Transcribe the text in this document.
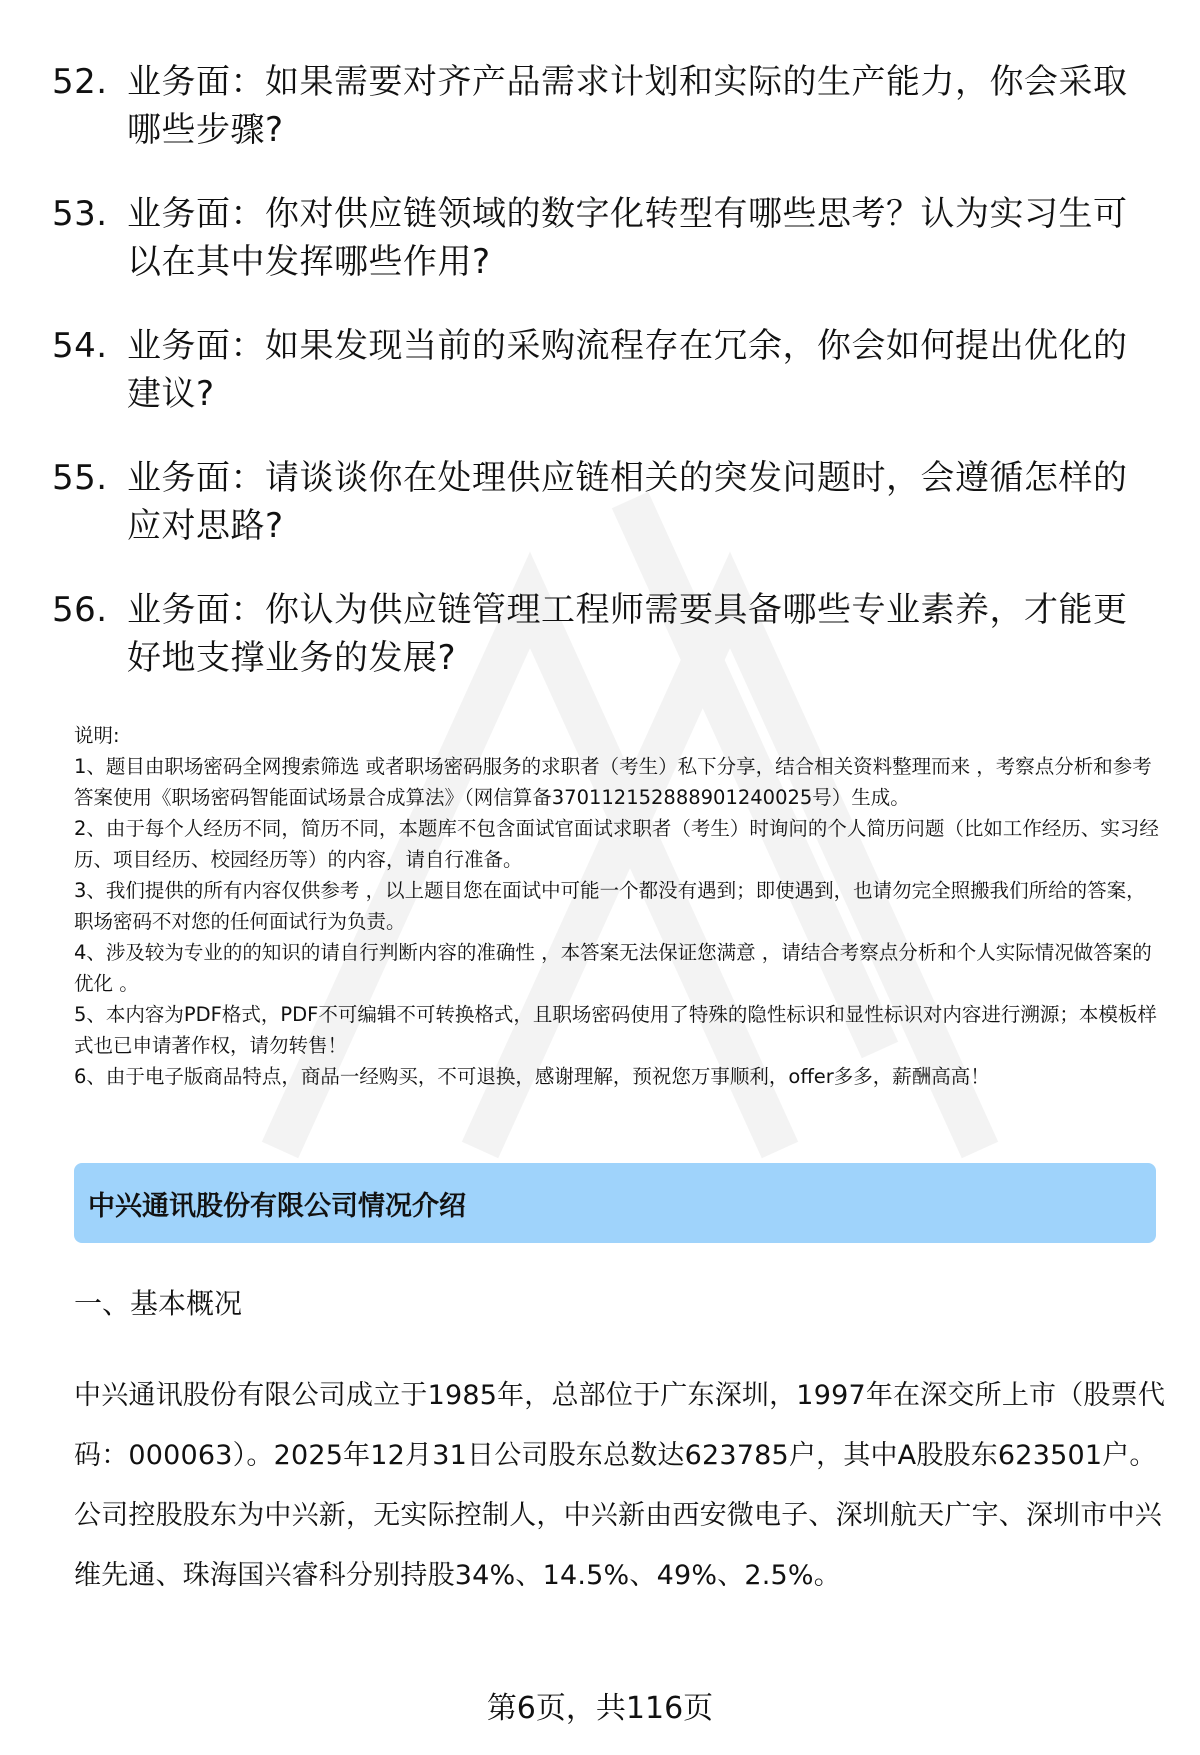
52. 业务面：如果需要对齐产品需求计划和实际的生产能力，你会采取哪些步骤?
53. 业务面：你对供应链领域的数字化转型有哪些思考？认为实习生可以在其中发挥哪些作用?
54. 业务面：如果发现当前的采购流程存在冗余，你会如何提出优化的建议?
55. 业务面：请谈谈你在处理供应链相关的突发问题时，会遵循怎样的应对思路?
56. 业务面：你认为供应链管理工程师需要具备哪些专业素养，才能更好地支撑业务的发展?

说明:

1、题目由职场密码全网搜索筛选 或者职场密码服务的求职者（考生）私下分享，结合相关资料整理而来 ，考察点分析和参考答案使用《职场密码智能面试场景合成算法》（网信算备370112152888901240025号）生成。

2、由于每个人经历不同，简历不同，本题库不包含面试官面试求职者（考生）时询问的个人简历问题（比如工作经历、实习经历、项目经历、校园经历等）的内容，请自行准备。

3、我们提供的所有内容仅供参考 ，以上题目您在面试中可能一个都没有遇到；即使遇到，也请勿完全照搬我们所给的答案，职场密码不对您的任何面试行为负责。

4、涉及较为专业的的知识的请自行判断内容的准确性 ，本答案无法保证您满意 ，请结合考察点分析和个人实际情况做答案的优化 。

5、本内容为PDF格式，PDF不可编辑不可转换格式，且职场密码使用了特殊的隐性标识和显性标识对内容进行溯源；本模板样式也已申请著作权，请勿转售！

6、由于电子版商品特点，商品一经购买，不可退换，感谢理解，预祝您万事顺利，offer多多，薪酬高高！

中兴通讯股份有限公司情况介绍
一、基本概况
中兴通讯股份有限公司成立于1985年，总部位于广东深圳，1997年在深交所上市（股票代码：000063）。2025年12月31日公司股东总数达623785户，其中A股股东623501户。公司控股股东为中兴新，无实际控制人，中兴新由西安微电子、深圳航天广宇、深圳市中兴维先通、珠海国兴睿科分别持股34%、14.5%、49%、2.5%。
第6页，共116页
